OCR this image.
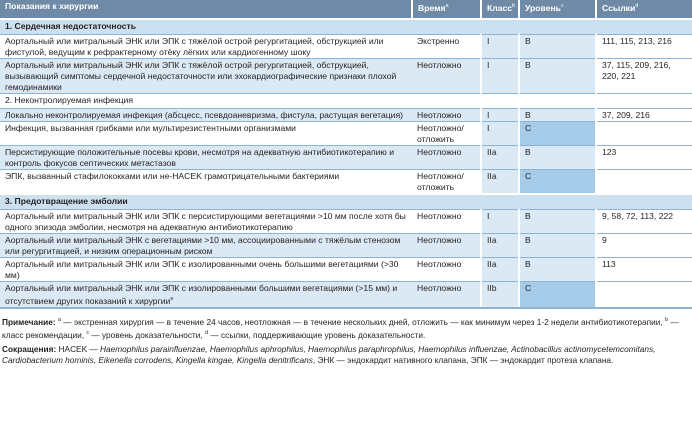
Показания к хирургии	Время$^a$	Класс$^b$	Уровень$^c$	Ссылки$^d$
1. Сердечная недостаточность				
Аортальный или митральный ЭНК или ЭПК с тяжёлой острой регургитацией, обструкцией или фистулой, ведущим к рефрактерному отёку лёгких или кардиогенному шоку	Экстренно	I	B	111, 115, 213, 216
Аортальный или митральный ЭНК или ЭПК с тяжёлой острой регургитацией, обструкцией, вызывающий симптомы сердечной недостаточности или эхокардиографические признаки плохой гемодинамики	Неотложно	I	B	37, 115, 209, 216, 220, 221
2. Неконтролируемая инфекция				
Локально неконтролируемая инфекция (абсцесс, псевдоаневризма, фистула, растущая вегетация)	Неотложно	I	B	37, 209, 216
Инфекция, вызванная грибками или мультирезистентными организмами	Неотложно/отложить	I	C	
Персистирующие положительные посевы крови, несмотря на адекватную антибиотикотерапию и контроль фокусов септических метастазов	Неотложно	IIa	B	123
ЭПК, вызванный стафилококками или не-HACEK грамотрицательными бактериями	Неотложно/отложить	IIa	C	
3. Предотвращение эмболии				
Аортальный или митральный ЭНК или ЭПК с персистирующими вегетациями >10 мм после хотя бы одного эпизода эмболии, несмотря на адекватную антибиотикотерапию	Неотложно	I	B	9, 58, 72, 113, 222
Аортальный или митральный ЭНК с вегетациями >10 мм, ассоциированными с тяжёлым стенозом или регургитацией, и низким операционным риском	Неотложно	IIa	B	9
Аортальный или митральный ЭНК или ЭПК с изолированными очень большими вегетациями (>30 мм)	Неотложно	IIa	B	113
Аортальный или митральный ЭНК или ЭПК с изолированными большими вегетациями (>15 мм) и отсутствием других показаний к хирургии$^e$	Неотложно	IIb	C	

Примечание: $^a$ — экстренная хирургия — в течение 24 часов, неотложная — в течение нескольких дней, отложить — как минимум через 1-2 недели антибиотикотерапии, $^b$ — класс рекомендации, $^c$ — уровень доказательности, $^d$ — ссылки, поддерживающие уровень доказательности.

Сокращения: HACEK — Haemophilus parainfluenzae, Haemophilus aphrophilus, Haemophilus paraphrophilus, Haemophilus influenzae, Actinobacillus actinomycetemcomitans, Cardiobacterium hominis, Eikenella corrodens, Kingella kingae, Kingella denitrificans, ЭНК — эндокардит нативного клапана, ЭПК — эндокардит протеза клапана.
